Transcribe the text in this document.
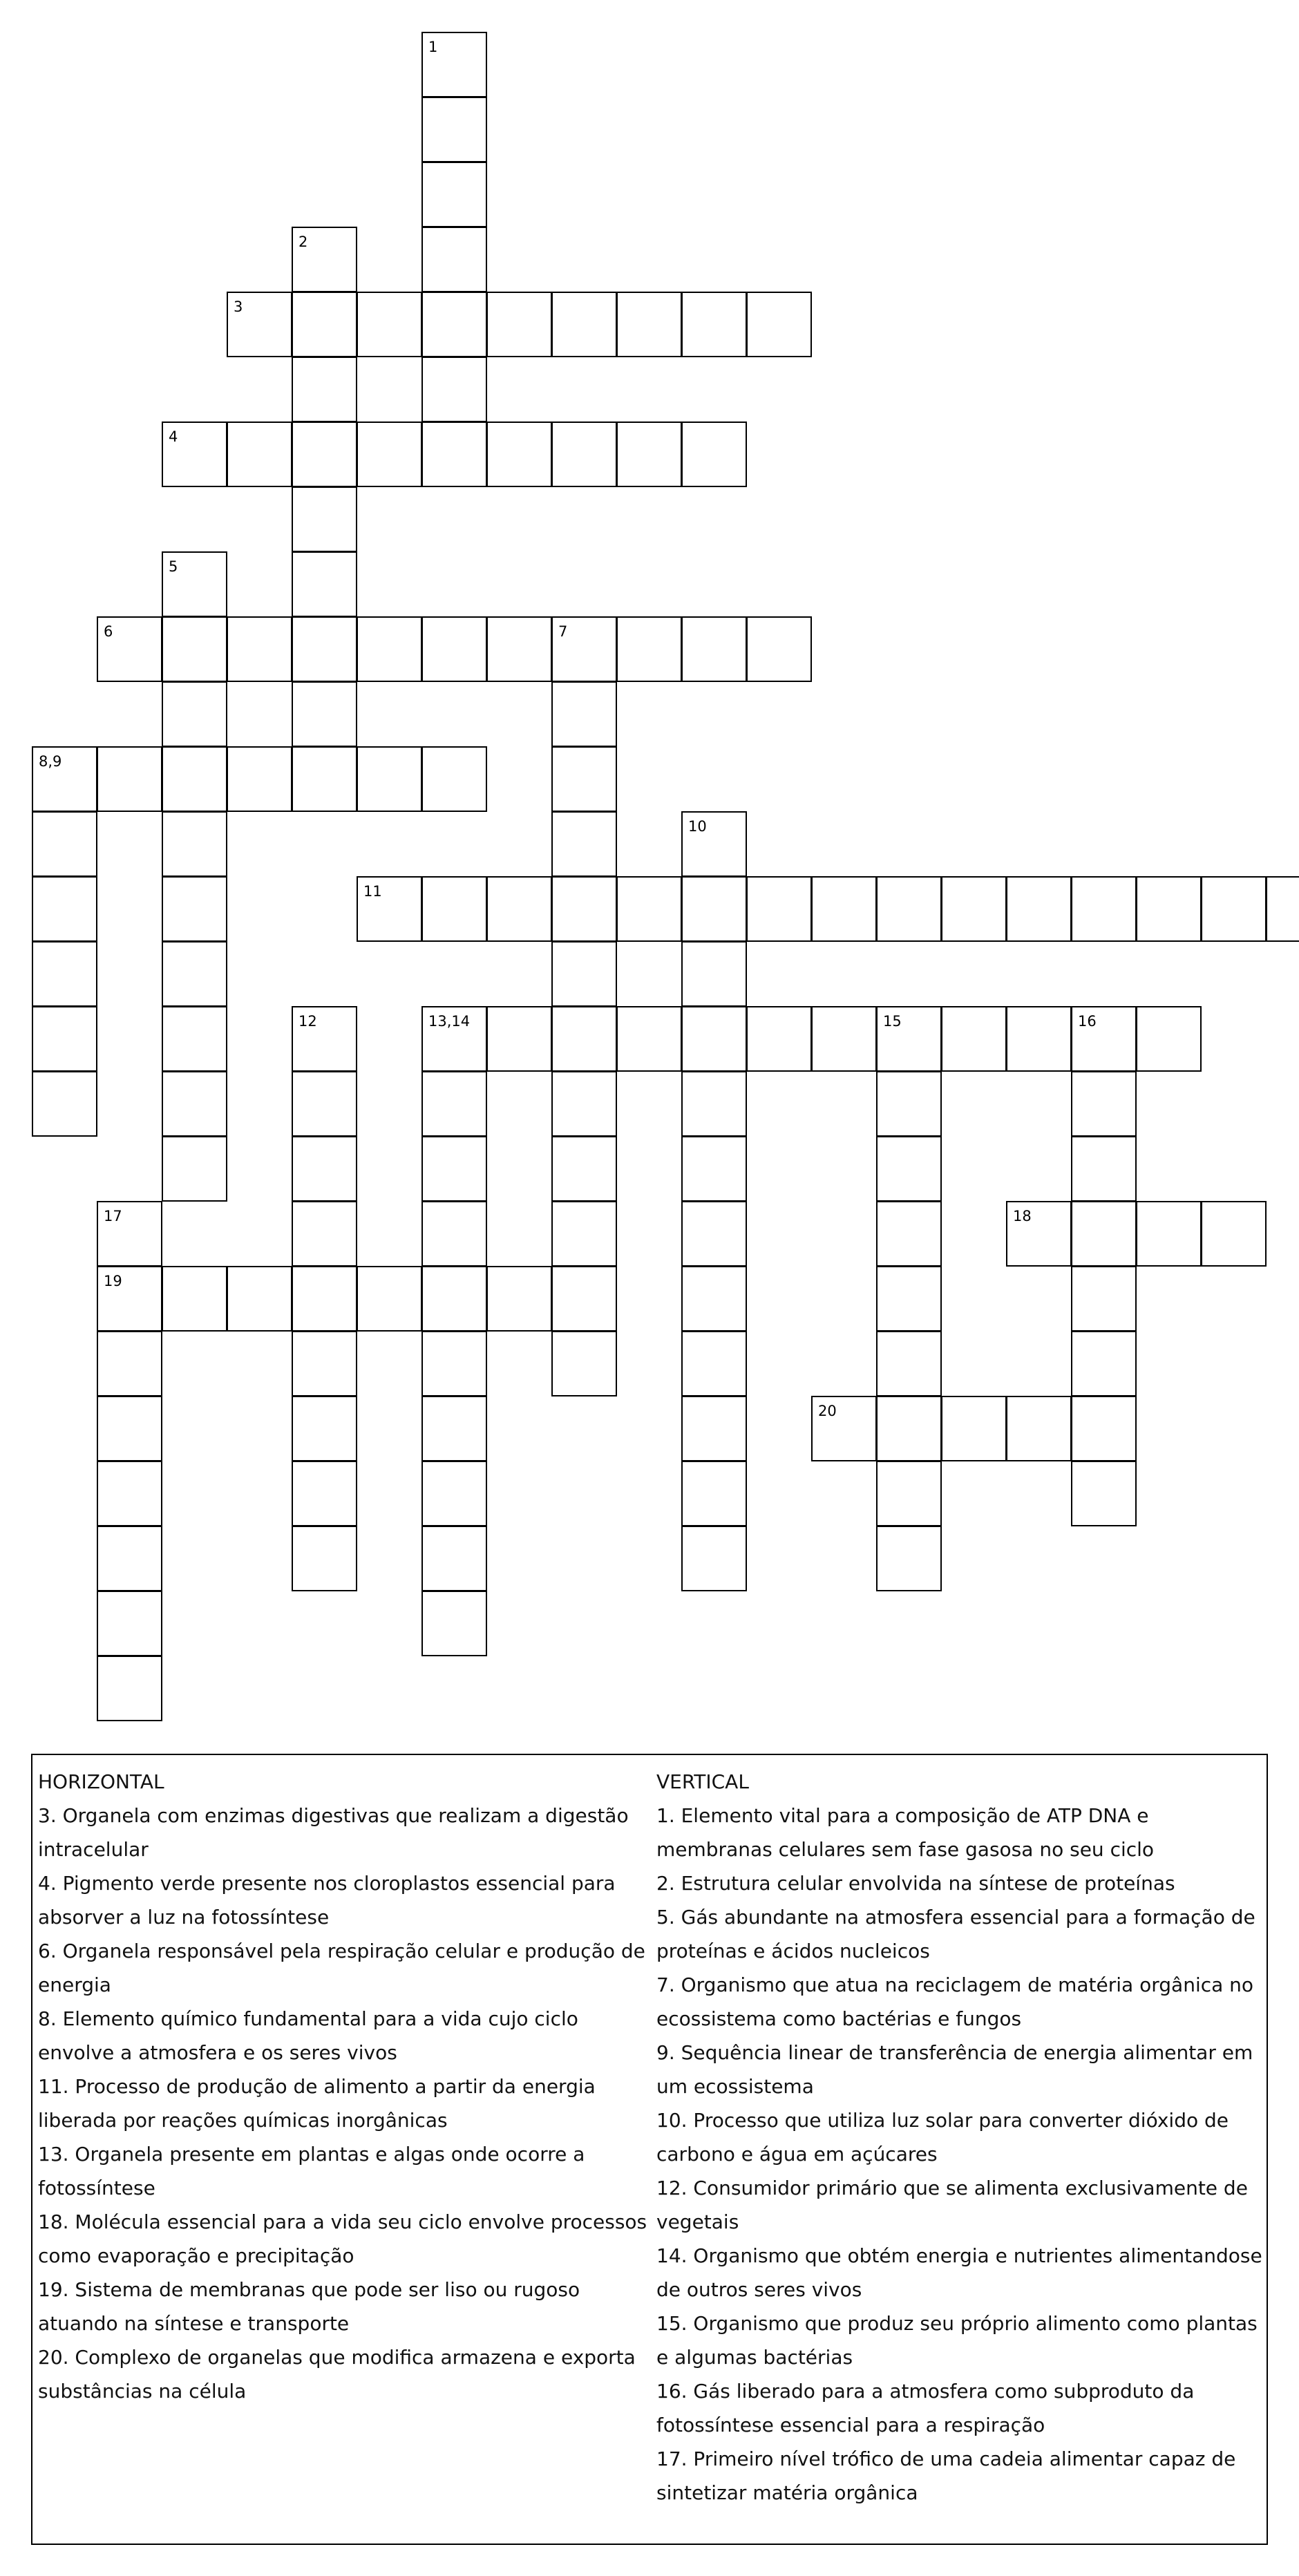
1
2
3
4
5
6	7
8,9
10
11
12	13,14	15	16
17	18
19
20
HORIZONTAL
3. Organela com enzimas digestivas que realizam a digestão intracelular
4. Pigmento verde presente nos cloroplastos essencial para absorver a luz na fotossíntese
6. Organela responsável pela respiração celular e produção de energia
8. Elemento químico fundamental para a vida cujo ciclo envolve a atmosfera e os seres vivos
11. Processo de produção de alimento a partir da energia liberada por reações químicas inorgânicas
13. Organela presente em plantas e algas onde ocorre a fotossíntese
18. Molécula essencial para a vida seu ciclo envolve processos como evaporação e precipitação
19. Sistema de membranas que pode ser liso ou rugoso atuando na síntese e transporte
20. Complexo de organelas que modifica armazena e exporta substâncias na célula
VERTICAL
1. Elemento vital para a composição de ATP DNA e membranas celulares sem fase gasosa no seu ciclo
2. Estrutura celular envolvida na síntese de proteínas
5. Gás abundante na atmosfera essencial para a formação de proteínas e ácidos nucleicos
7. Organismo que atua na reciclagem de matéria orgânica no ecossistema como bactérias e fungos
9. Sequência linear de transferência de energia alimentar em um ecossistema
10. Processo que utiliza luz solar para converter dióxido de carbono e água em açúcares
12. Consumidor primário que se alimenta exclusivamente de vegetais
14. Organismo que obtém energia e nutrientes alimentandose de outros seres vivos
15. Organismo que produz seu próprio alimento como plantas e algumas bactérias
16. Gás liberado para a atmosfera como subproduto da fotossíntese essencial para a respiração
17. Primeiro nível trófico de uma cadeia alimentar capaz de sintetizar matéria orgânica
